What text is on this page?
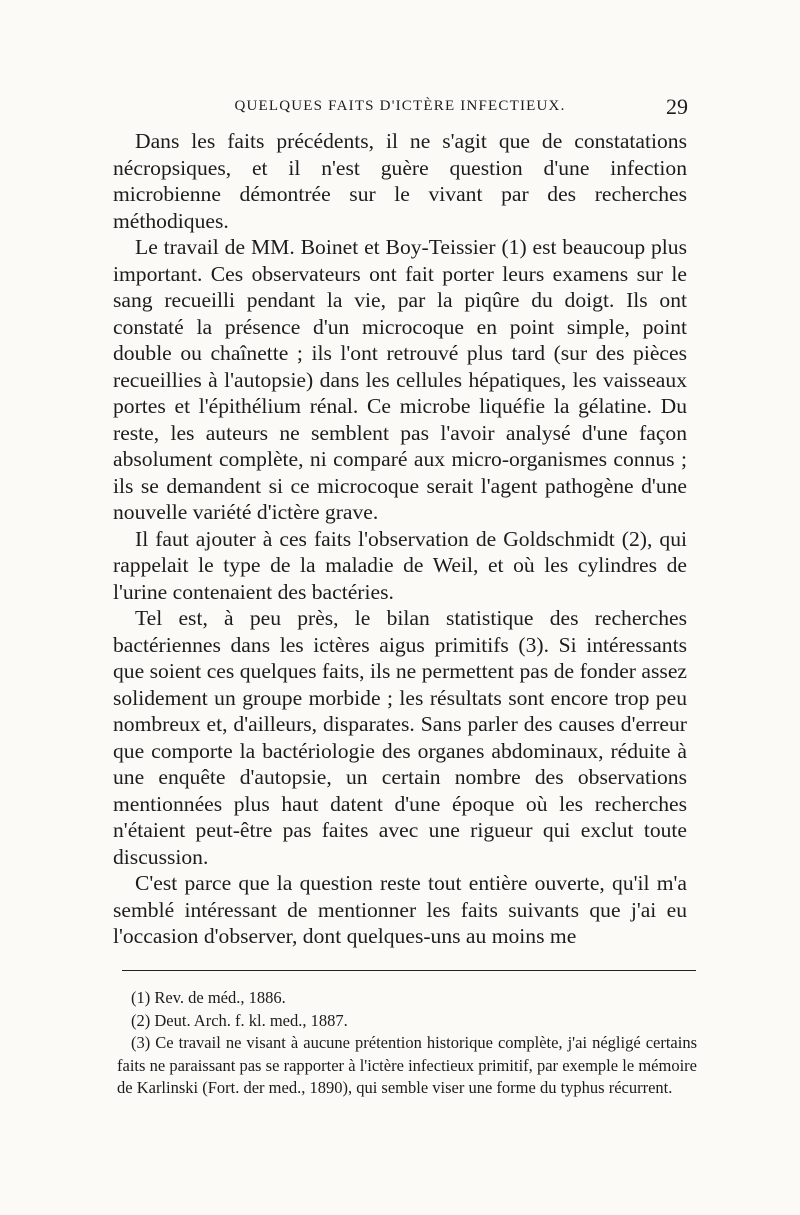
QUELQUES FAITS D'ICTÈRE INFECTIEUX.	29

Dans les faits précédents, il ne s'agit que de constatations nécropsiques, et il n'est guère question d'une infection microbienne démontrée sur le vivant par des recherches méthodiques.

Le travail de MM. Boinet et Boy-Teissier (1) est beaucoup plus important. Ces observateurs ont fait porter leurs examens sur le sang recueilli pendant la vie, par la piqûre du doigt. Ils ont constaté la présence d'un microcoque en point simple, point double ou chaînette ; ils l'ont retrouvé plus tard (sur des pièces recueillies à l'autopsie) dans les cellules hépatiques, les vaisseaux portes et l'épithélium rénal. Ce microbe liquéfie la gélatine. Du reste, les auteurs ne semblent pas l'avoir analysé d'une façon absolument complète, ni comparé aux micro-organismes connus ; ils se demandent si ce microcoque serait l'agent pathogène d'une nouvelle variété d'ictère grave.

Il faut ajouter à ces faits l'observation de Goldschmidt (2), qui rappelait le type de la maladie de Weil, et où les cylindres de l'urine contenaient des bactéries.

Tel est, à peu près, le bilan statistique des recherches bactériennes dans les ictères aigus primitifs (3). Si intéressants que soient ces quelques faits, ils ne permettent pas de fonder assez solidement un groupe morbide ; les résultats sont encore trop peu nombreux et, d'ailleurs, disparates. Sans parler des causes d'erreur que comporte la bactériologie des organes abdominaux, réduite à une enquête d'autopsie, un certain nombre des observations mentionnées plus haut datent d'une époque où les recherches n'étaient peut-être pas faites avec une rigueur qui exclut toute discussion.

C'est parce que la question reste tout entière ouverte, qu'il m'a semblé intéressant de mentionner les faits suivants que j'ai eu l'occasion d'observer, dont quelques-uns au moins me

(1) Rev. de méd., 1886.

(2) Deut. Arch. f. kl. med., 1887.

(3) Ce travail ne visant à aucune prétention historique complète, j'ai négligé certains faits ne paraissant pas se rapporter à l'ictère infectieux primitif, par exemple le mémoire de Karlinski (Fort. der med., 1890), qui semble viser une forme du typhus récurrent.
